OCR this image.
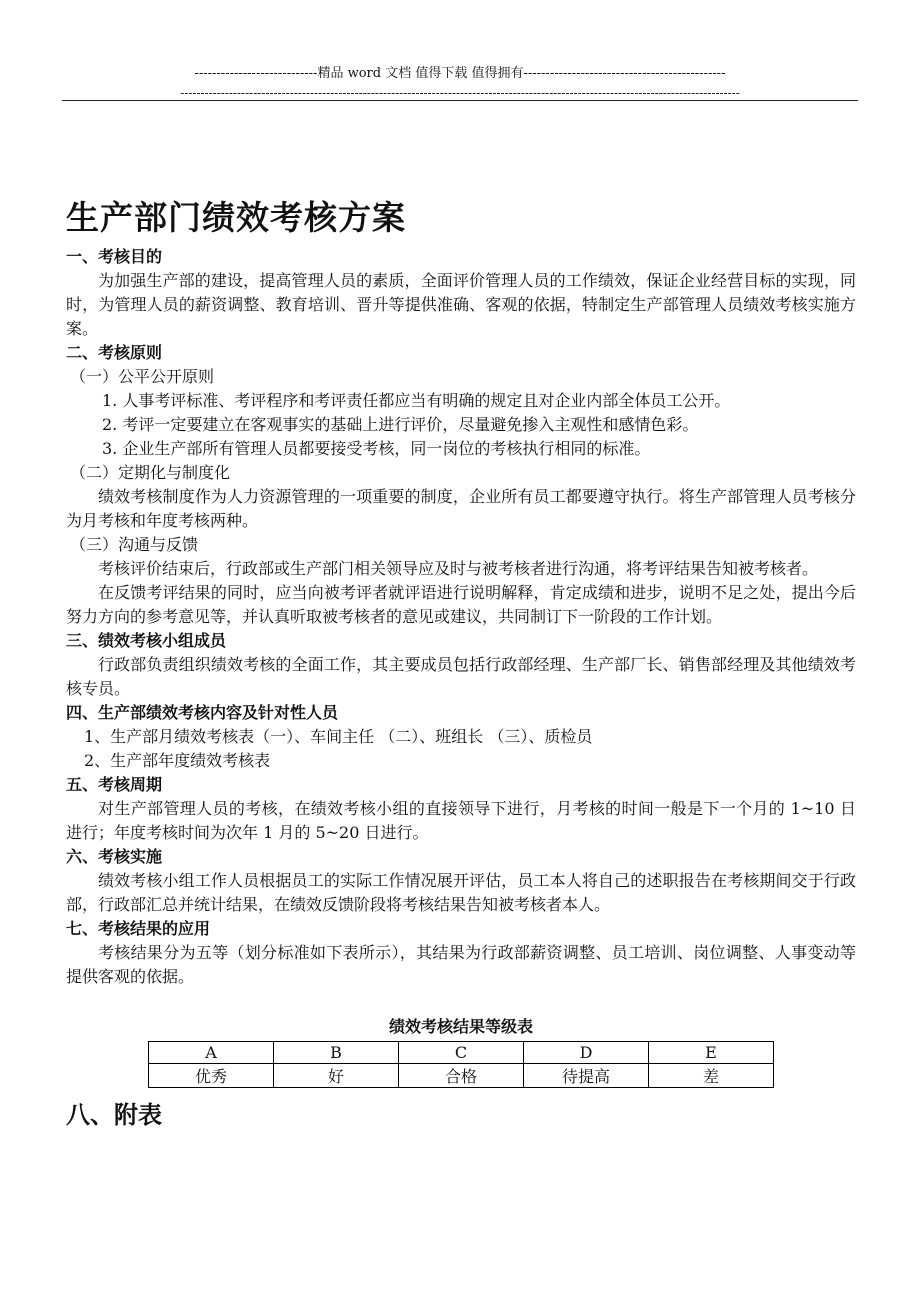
----------------------------精品 word 文档 值得下载 值得拥有----------------------------------------------
------------------------------------------------------------------------------------------------------------------------------------------
生产部门绩效考核方案
一、考核目的

为加强生产部的建设，提高管理人员的素质，全面评价管理人员的工作绩效，保证企业经营目标的实现，同时，为管理人员的薪资调整、教育培训、晋升等提供准确、客观的依据，特制定生产部管理人员绩效考核实施方案。

二、考核原则
（一）公平公开原则
1. 人事考评标准、考评程序和考评责任都应当有明确的规定且对企业内部全体员工公开。
2. 考评一定要建立在客观事实的基础上进行评价，尽量避免掺入主观性和感情色彩。
3. 企业生产部所有管理人员都要接受考核，同一岗位的考核执行相同的标准。
（二）定期化与制度化

绩效考核制度作为人力资源管理的一项重要的制度，企业所有员工都要遵守执行。将生产部管理人员考核分为月考核和年度考核两种。

（三）沟通与反馈

考核评价结束后，行政部或生产部门相关领导应及时与被考核者进行沟通，将考评结果告知被考核者。

在反馈考评结果的同时，应当向被考评者就评语进行说明解释，肯定成绩和进步，说明不足之处，提出今后努力方向的参考意见等，并认真听取被考核者的意见或建议，共同制订下一阶段的工作计划。

三、绩效考核小组成员

行政部负责组织绩效考核的全面工作，其主要成员包括行政部经理、生产部厂长、销售部经理及其他绩效考核专员。

四、生产部绩效考核内容及针对性人员
1、生产部月绩效考核表（一）、车间主任 （二）、班组长 （三）、质检员
2、生产部年度绩效考核表
五、考核周期

对生产部管理人员的考核，在绩效考核小组的直接领导下进行，月考核的时间一般是下一个月的 1~10 日进行；年度考核时间为次年 1 月的 5~20 日进行。

六、考核实施

绩效考核小组工作人员根据员工的实际工作情况展开评估，员工本人将自己的述职报告在考核期间交于行政部，行政部汇总并统计结果，在绩效反馈阶段将考核结果告知被考核者本人。

七、考核结果的应用

考核结果分为五等（划分标准如下表所示），其结果为行政部薪资调整、员工培训、岗位调整、人事变动等提供客观的依据。

绩效考核结果等级表
A	B	C	D	E
优秀	好	合格	待提高	差
八、附表
